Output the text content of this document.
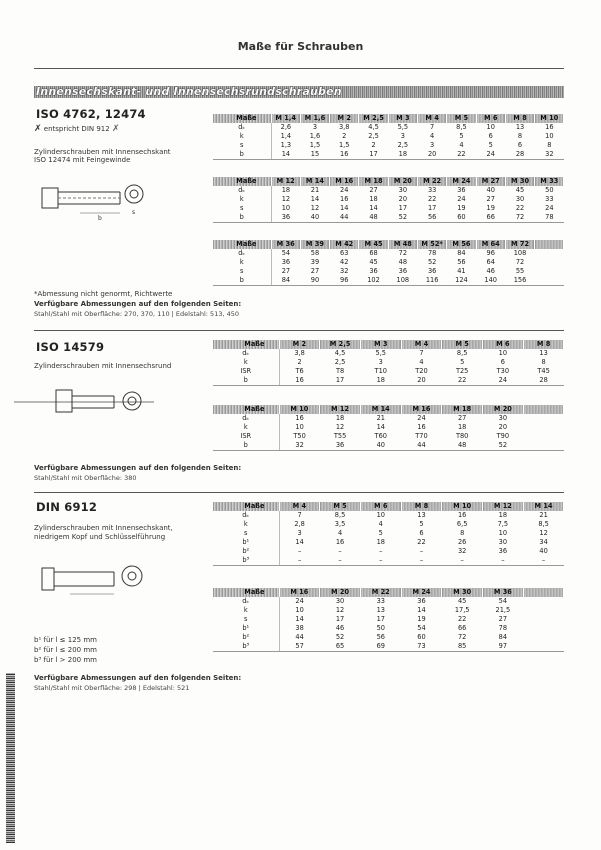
Maße für Schrauben
Innensechskant- und Innensechsrundschrauben
ISO 4762, 12474
✗ entspricht DIN 912 ✗
Zylinderschrauben mit Innensechskant
ISO 12474 mit Feingewinde
b
s
*Abmessung nicht genormt, Richtwerte
Verfügbare Abmessungen auf den folgenden Seiten:
Stahl/Stahl mit Oberfläche: 270, 370, 110 | Edelstahl: 513, 450
Maße	M 1,4	M 1,6	M 2	M 2,5	M 3	M 4	M 5	M 6	M 8	M 10
dₖ	2,6	3	3,8	4,5	5,5	7	8,5	10	13	16
k	1,4	1,6	2	2,5	3	4	5	6	8	10
s	1,3	1,5	1,5	2	2,5	3	4	5	6	8
b	14	15	16	17	18	20	22	24	28	32
Maße	M 12	M 14	M 16	M 18	M 20	M 22	M 24	M 27	M 30	M 33
dₖ	18	21	24	27	30	33	36	40	45	50
k	12	14	16	18	20	22	24	27	30	33
s	10	12	14	14	17	17	19	19	22	24
b	36	40	44	48	52	56	60	66	72	78
Maße	M 36	M 39	M 42	M 45	M 48	M 52*	M 56	M 64	M 72	
dₖ	54	58	63	68	72	78	84	96	108	
k	36	39	42	45	48	52	56	64	72	
s	27	27	32	36	36	36	41	46	55	
b	84	90	96	102	108	116	124	140	156	
ISO 14579
Zylinderschrauben mit Innensechsrund
Verfügbare Abmessungen auf den folgenden Seiten:
Stahl/Stahl mit Oberfläche: 380
Maße	M 2	M 2,5	M 3	M 4	M 5	M 6	M 8
dₖ	3,8	4,5	5,5	7	8,5	10	13
k	2	2,5	3	4	5	6	8
ISR	T6	T8	T10	T20	T25	T30	T45
b	16	17	18	20	22	24	28
Maße	M 10	M 12	M 14	M 16	M 18	M 20	
dₖ	16	18	21	24	27	30	
k	10	12	14	16	18	20	
ISR	T50	T55	T60	T70	T80	T90	
b	32	36	40	44	48	52	
DIN 6912
Zylinderschrauben mit Innensechskant,
niedrigem Kopf und Schlüsselführung
b¹ für l ≤ 125 mm
b² für l ≤ 200 mm
b³ für l > 200 mm
Verfügbare Abmessungen auf den folgenden Seiten:
Stahl/Stahl mit Oberfläche: 298 | Edelstahl: 521
Maße	M 4	M 5	M 6	M 8	M 10	M 12	M 14
dₖ	7	8,5	10	13	16	18	21
k	2,8	3,5	4	5	6,5	7,5	8,5
s	3	4	5	6	8	10	12
b¹	14	16	18	22	26	30	34
b²	–	–	–	–	32	36	40
b³	–	–	–	–	–	–	–
Maße	M 16	M 20	M 22	M 24	M 30	M 36	
dₖ	24	30	33	36	45	54	
k	10	12	13	14	17,5	21,5	
s	14	17	17	19	22	27	
b¹	38	46	50	54	66	78	
b²	44	52	56	60	72	84	
b³	57	65	69	73	85	97	
